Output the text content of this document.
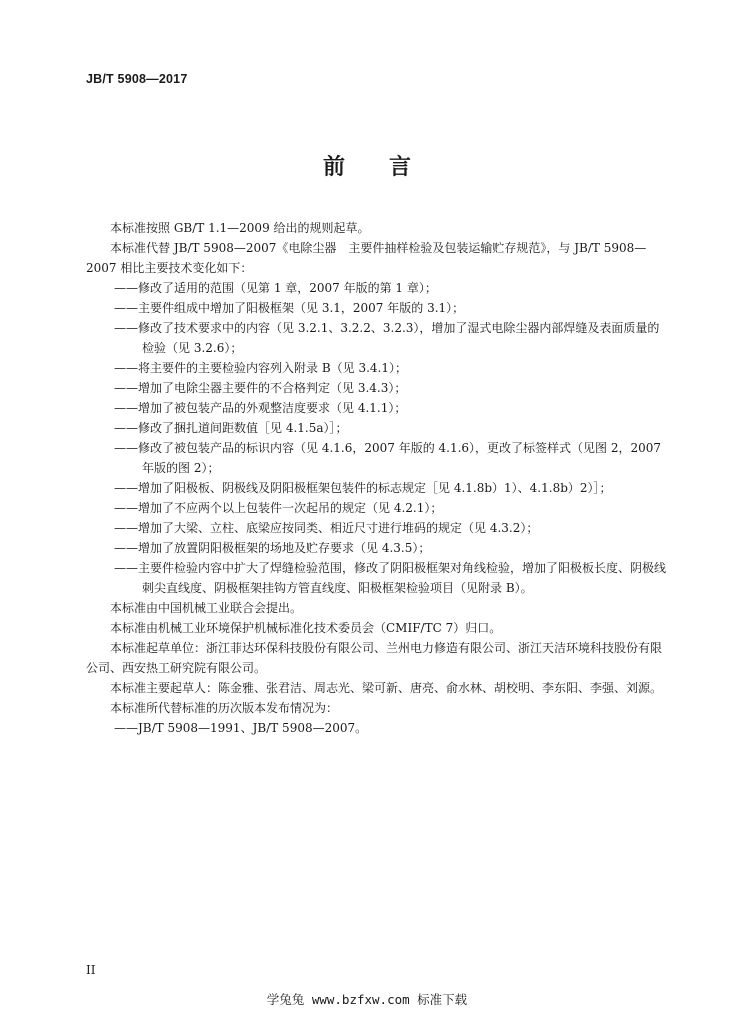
JB/T 5908—2017
前　　言

本标准按照 GB/T 1.1—2009 给出的规则起草。

本标准代替 JB/T 5908—2007《电除尘器　主要件抽样检验及包装运输贮存规范》，与 JB/T 5908—2007 相比主要技术变化如下：

——修改了适用的范围（见第 1 章，2007 年版的第 1 章）；

——主要件组成中增加了阳极框架（见 3.1，2007 年版的 3.1）；

——修改了技术要求中的内容（见 3.2.1、3.2.2、3.2.3），增加了湿式电除尘器内部焊缝及表面质量的检验（见 3.2.6）；

——将主要件的主要检验内容列入附录 B（见 3.4.1）；

——增加了电除尘器主要件的不合格判定（见 3.4.3）；

——增加了被包装产品的外观整洁度要求（见 4.1.1）；

——修改了捆扎道间距数值［见 4.1.5a）］；

——修改了被包装产品的标识内容（见 4.1.6，2007 年版的 4.1.6），更改了标签样式（见图 2，2007 年版的图 2）；

——增加了阳极板、阴极线及阴阳极框架包装件的标志规定［见 4.1.8b）1）、4.1.8b）2）］；

——增加了不应两个以上包装件一次起吊的规定（见 4.2.1）；

——增加了大梁、立柱、底梁应按同类、相近尺寸进行堆码的规定（见 4.3.2）；

——增加了放置阴阳极框架的场地及贮存要求（见 4.3.5）；

——主要件检验内容中扩大了焊缝检验范围，修改了阴阳极框架对角线检验，增加了阳极板长度、阴极线刺尖直线度、阴极框架挂钩方管直线度、阳极框架检验项目（见附录 B）。

本标准由中国机械工业联合会提出。

本标准由机械工业环境保护机械标准化技术委员会（CMIF/TC 7）归口。

本标准起草单位：浙江菲达环保科技股份有限公司、兰州电力修造有限公司、浙江天洁环境科技股份有限公司、西安热工研究院有限公司。

本标准主要起草人：陈金雅、张君洁、周志光、梁可新、唐亮、俞水林、胡校明、李东阳、李强、刘源。

本标准所代替标准的历次版本发布情况为：

——JB/T 5908—1991、JB/T 5908—2007。

II
学兔兔 www.bzfxw.com 标准下载
